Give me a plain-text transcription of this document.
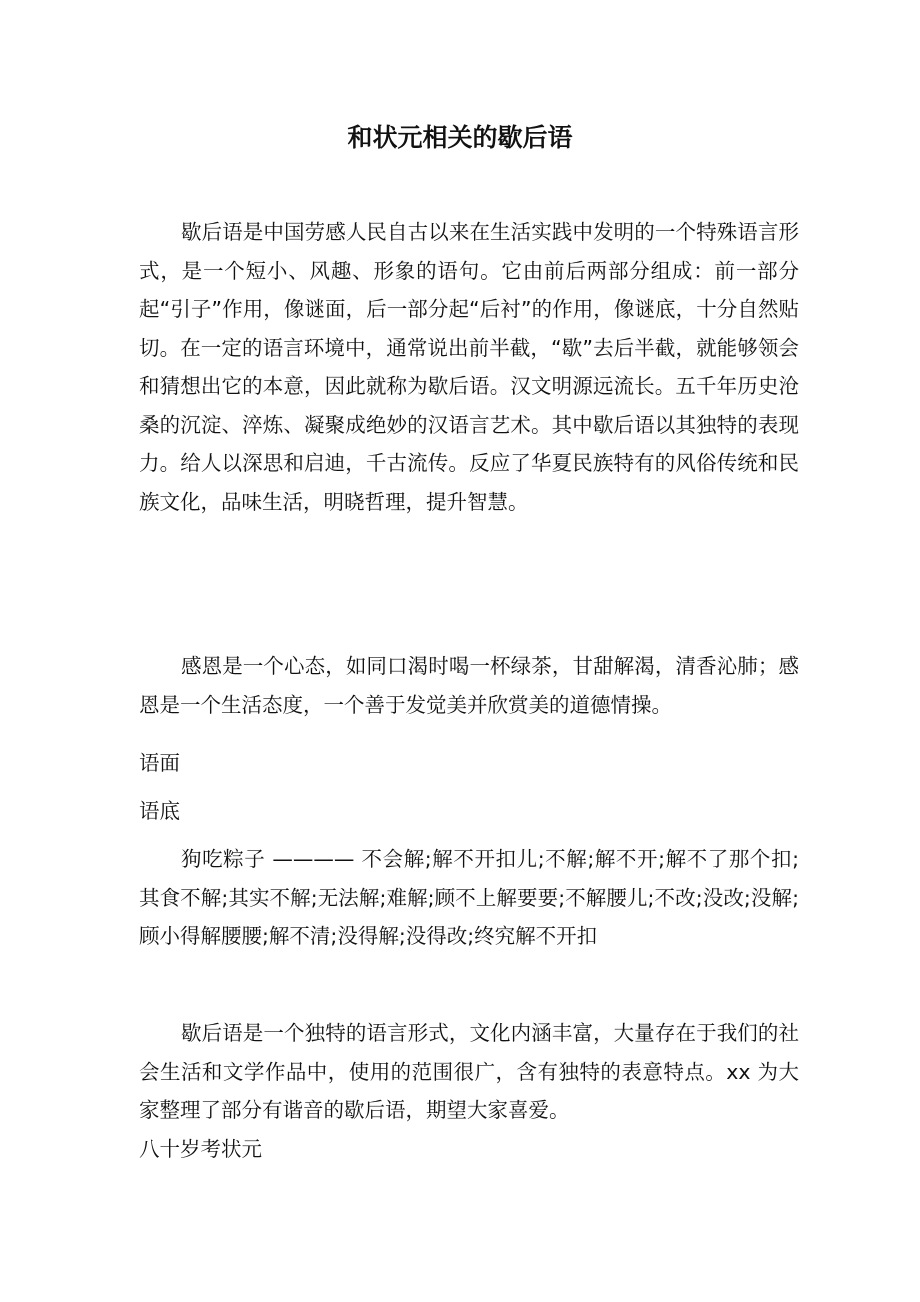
和状元相关的歇后语

歇后语是中国劳感人民自古以来在生活实践中发明的一个特殊语言形式，是一个短小、风趣、形象的语句。它由前后两部分组成：前一部分起“引子”作用，像谜面，后一部分起“后衬”的作用，像谜底，十分自然贴切。在一定的语言环境中，通常说出前半截，“歇”去后半截，就能够领会和猜想出它的本意，因此就称为歇后语。汉文明源远流长。五千年历史沧桑的沉淀、淬炼、凝聚成绝妙的汉语言艺术。其中歇后语以其独特的表现力。给人以深思和启迪，千古流传。反应了华夏民族特有的风俗传统和民族文化，品味生活，明晓哲理，提升智慧。

感恩是一个心态，如同口渴时喝一杯绿茶，甘甜解渴，清香沁肺；感恩是一个生活态度，一个善于发觉美并欣赏美的道德情操。

语面

语底

狗吃粽子 ———— 不会解;解不开扣儿;不解;解不开;解不了那个扣;其食不解;其实不解;无法解;难解;顾不上解要要;不解腰儿;不改;没改;没解;顾小得解腰腰;解不清;没得解;没得改;终究解不开扣

歇后语是一个独特的语言形式，文化内涵丰富，大量存在于我们的社会生活和文学作品中，使用的范围很广，含有独特的表意特点。xx 为大家整理了部分有谐音的歇后语，期望大家喜爱。

八十岁考状元
